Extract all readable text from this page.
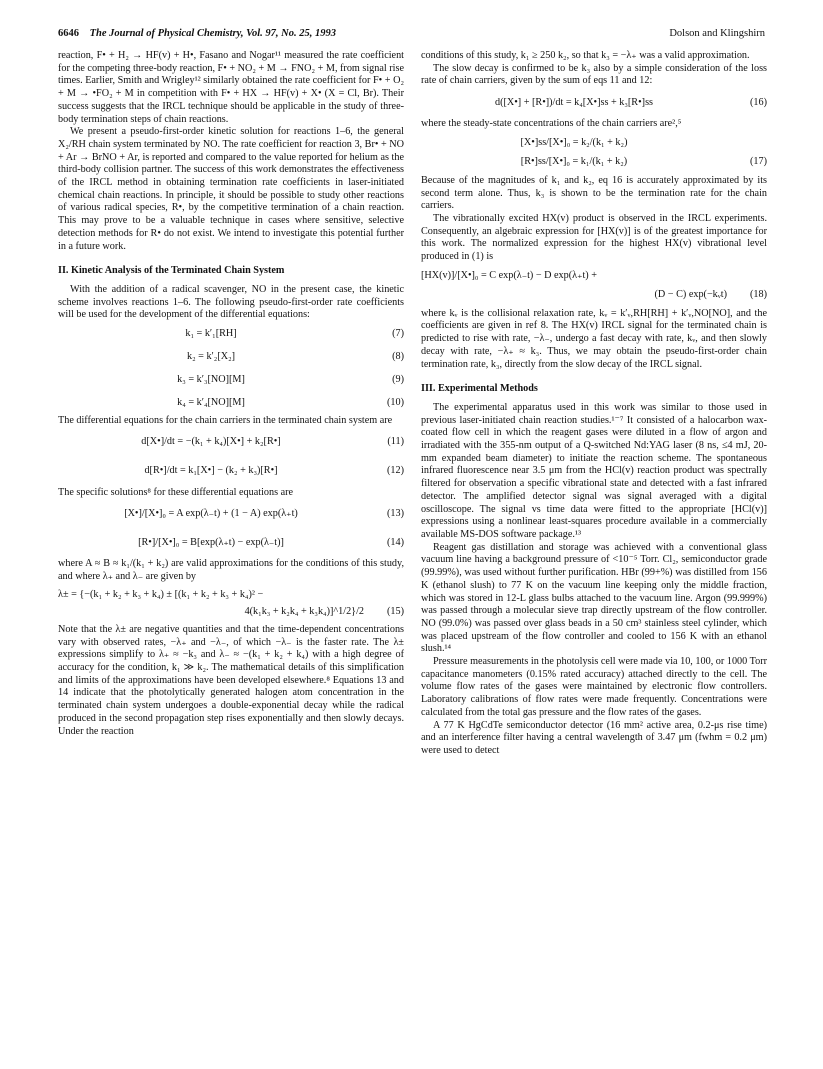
6646 The Journal of Physical Chemistry, Vol. 97, No. 25, 1993	Dolson and Klingshirn

reaction, F• + H₂ → HF(v) + H•, Fasano and Nogar¹¹ measured the rate coefficient for the competing three-body reaction, F• + NO₂ + M → FNO₂ + M, from signal rise times. Earlier, Smith and Wrigley¹² similarly obtained the rate coefficient for F• + O₂ + M → •FO₂ + M in competition with F• + HX → HF(v) + X• (X = Cl, Br). Their success suggests that the IRCL technique should be applicable in the study of three-body termination steps of chain reactions.

We present a pseudo-first-order kinetic solution for reactions 1–6, the general X₂/RH chain system terminated by NO. The rate coefficient for reaction 3, Br• + NO + Ar → BrNO + Ar, is reported and compared to the value reported for helium as the third-body collision partner. The success of this work demonstrates the effectiveness of the IRCL method in obtaining termination rate coefficients in laser-initiated chemical chain reactions. In principle, it should be possible to study other reactions of various radical species, R•, by the competitive termination of a chain reaction. This may prove to be a valuable technique in cases where sensitive, selective detection methods for R• do not exist. We intend to investigate this potential further in a future work.

II. Kinetic Analysis of the Terminated Chain System

With the addition of a radical scavenger, NO in the present case, the kinetic scheme involves reactions 1–6. The following pseudo-first-order rate coefficients will be used for the development of the differential equations:

k₁ = k′₁[RH]	(7)
k₂ = k′₂[X₂]	(8)
k₃ = k′₃[NO][M]	(9)
k₄ = k′₄[NO][M]	(10)

The differential equations for the chain carriers in the terminated chain system are

d[X•]/dt = −(k₁ + k₄)[X•] + k₂[R•]	(11)
d[R•]/dt = k₁[X•] − (k₂ + k₃)[R•]	(12)

The specific solutions⁸ for these differential equations are

[X•]/[X•]₀ = A exp(λ₋t) + (1 − A) exp(λ₊t)	(13)
[R•]/[X•]₀ = B[exp(λ₊t) − exp(λ₋t)]	(14)

where A ≈ B ≈ k₁/(k₁ + k₂) are valid approximations for the conditions of this study, and where λ₊ and λ₋ are given by

λ± = {−(k₁ + k₂ + k₃ + k₄) ± [(k₁ + k₂ + k₃ + k₄)² −
4(k₁k₃ + k₂k₄ + k₃k₄)]^1/2}/2	(15)

Note that the λ± are negative quantities and that the time-dependent concentrations vary with observed rates, −λ₊ and −λ₋, of which −λ₋ is the faster rate. The λ± expressions simplify to λ₊ ≈ −k₃ and λ₋ ≈ −(k₁ + k₂ + k₄) with a high degree of accuracy for the condition, k₁ ≫ k₂. The mathematical details of this simplification and limits of the approximations have been developed elsewhere.⁸ Equations 13 and 14 indicate that the photolytically generated halogen atom concentration in the terminated chain system undergoes a double-exponential decay while the radical produced in the second propagation step rises exponentially and then slowly decays. Under the reaction

conditions of this study, k₁ ≥ 250 k₂, so that k₃ = −λ₊ was a valid approximation.

The slow decay is confirmed to be k₃ also by a simple consideration of the loss rate of chain carriers, given by the sum of eqs 11 and 12:

d([X•] + [R•])/dt = k₄[X•]ss + k₃[R•]ss	(16)

where the steady-state concentrations of the chain carriers are²,⁵

[X•]ss/[X•]₀ = k₂/(k₁ + k₂)
[R•]ss/[X•]₀ = k₁/(k₁ + k₂)	(17)

Because of the magnitudes of k₁ and k₂, eq 16 is accurately approximated by its second term alone. Thus, k₃ is shown to be the termination rate for the chain carriers.

The vibrationally excited HX(v) product is observed in the IRCL experiments. Consequently, an algebraic expression for [HX(v)] is of the greatest importance for this work. The normalized expression for the highest HX(v) vibrational level produced in (1) is

[HX(v)]/[X•]₀ = C exp(λ₋t) − D exp(λ₊t) +
(D − C) exp(−kᵥt)	(18)

where kᵥ is the collisional relaxation rate, kᵥ = k′ᵥ,RH[RH] + k′ᵥ,NO[NO], and the coefficients are given in ref 8. The HX(v) IRCL signal for the terminated chain is predicted to rise with rate, −λ₋, undergo a fast decay with rate, kᵥ, and then slowly decay with rate, −λ₊ ≈ k₃. Thus, we may obtain the pseudo-first-order chain termination rate, k₃, directly from the slow decay of the IRCL signal.

III. Experimental Methods

The experimental apparatus used in this work was similar to those used in previous laser-initiated chain reaction studies.¹⁻⁷ It consisted of a halocarbon wax-coated flow cell in which the reagent gases were diluted in a flow of argon and irradiated with the 355-nm output of a Q-switched Nd:YAG laser (8 ns, ≤4 mJ, 20-mm expanded beam diameter) to initiate the reaction scheme. The spontaneous infrared fluorescence near 3.5 μm from the HCl(v) reaction product was spectrally filtered for observation a specific vibrational state and detected with a fast infrared detector. The amplified detector signal was signal averaged with a digital oscilloscope. The signal vs time data were fitted to the appropriate [HCl(v)] expressions using a nonlinear least-squares procedure available in a commercially available MS-DOS software package.¹³

Reagent gas distillation and storage was achieved with a conventional glass vacuum line having a background pressure of <10⁻⁵ Torr. Cl₂, semiconductor grade (99.99%), was used without further purification. HBr (99+%) was distilled from 156 K (ethanol slush) to 77 K on the vacuum line keeping only the middle fraction, which was stored in 12-L glass bulbs attached to the vacuum line. Argon (99.999%) was passed through a molecular sieve trap directly upstream of the flow controller. NO (99.0%) was passed over glass beads in a 50 cm³ stainless steel cylinder, which was placed upstream of the flow controller and cooled to 156 K with an ethanol slush.¹⁴

Pressure measurements in the photolysis cell were made via 10, 100, or 1000 Torr capacitance manometers (0.15% rated accuracy) attached directly to the cell. The volume flow rates of the gases were maintained by electronic flow controllers. Laboratory calibrations of flow rates were made frequently. Concentrations were calculated from the total gas pressure and the flow rates of the gases.

A 77 K HgCdTe semiconductor detector (16 mm² active area, 0.2-μs rise time) and an interference filter having a central wavelength of 3.47 μm (fwhm = 0.2 μm) were used to detect
